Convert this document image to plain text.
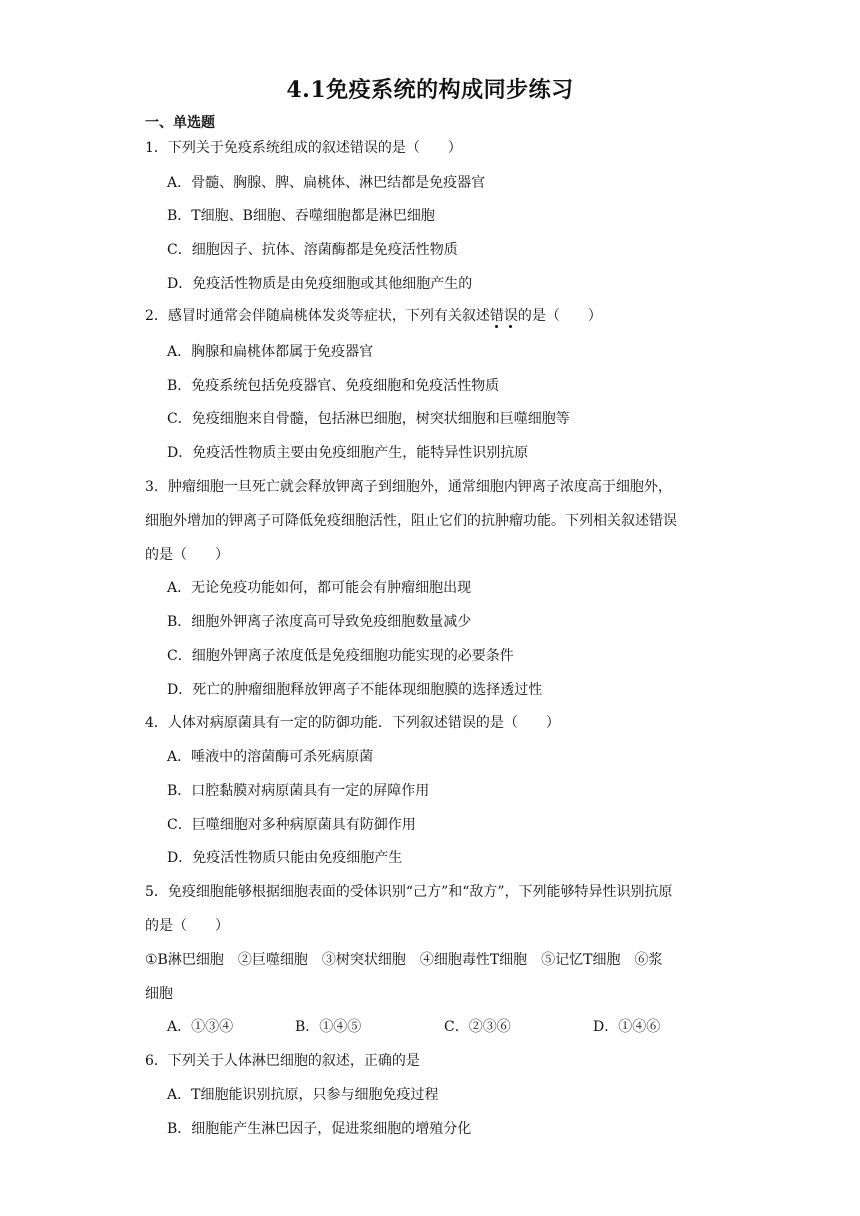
4.1免疫系统的构成同步练习
一、单选题
1．下列关于免疫系统组成的叙述错误的是（　　）
A．骨髓、胸腺、脾、扁桃体、淋巴结都是免疫器官
B．T细胞、B细胞、吞噬细胞都是淋巴细胞
C．细胞因子、抗体、溶菌酶都是免疫活性物质
D．免疫活性物质是由免疫细胞或其他细胞产生的
2．感冒时通常会伴随扁桃体发炎等症状，下列有关叙述错误的是（　　）
A．胸腺和扁桃体都属于免疫器官
B．免疫系统包括免疫器官、免疫细胞和免疫活性物质
C．免疫细胞来自骨髓，包括淋巴细胞，树突状细胞和巨噬细胞等
D．免疫活性物质主要由免疫细胞产生，能特异性识别抗原
3．肿瘤细胞一旦死亡就会释放钾离子到细胞外，通常细胞内钾离子浓度高于细胞外，
细胞外增加的钾离子可降低免疫细胞活性，阻止它们的抗肿瘤功能。下列相关叙述错误
的是（　　）
A．无论免疫功能如何，都可能会有肿瘤细胞出现
B．细胞外钾离子浓度高可导致免疫细胞数量减少
C．细胞外钾离子浓度低是免疫细胞功能实现的必要条件
D．死亡的肿瘤细胞释放钾离子不能体现细胞膜的选择透过性
4．人体对病原菌具有一定的防御功能．下列叙述错误的是（　　）
A．唾液中的溶菌酶可杀死病原菌
B．口腔黏膜对病原菌具有一定的屏障作用
C．巨噬细胞对多种病原菌具有防御作用
D．免疫活性物质只能由免疫细胞产生
5．免疫细胞能够根据细胞表面的受体识别“己方”和“敌方”，下列能够特异性识别抗原
的是（　　）
①B淋巴细胞　②巨噬细胞　③树突状细胞　④细胞毒性T细胞　⑤记忆T细胞　⑥浆
细胞
A．①③④	B．①④⑤	C．②③⑥	D．①④⑥
6．下列关于人体淋巴细胞的叙述，正确的是
A．T细胞能识别抗原，只参与细胞免疫过程
B．细胞能产生淋巴因子，促进浆细胞的增殖分化
